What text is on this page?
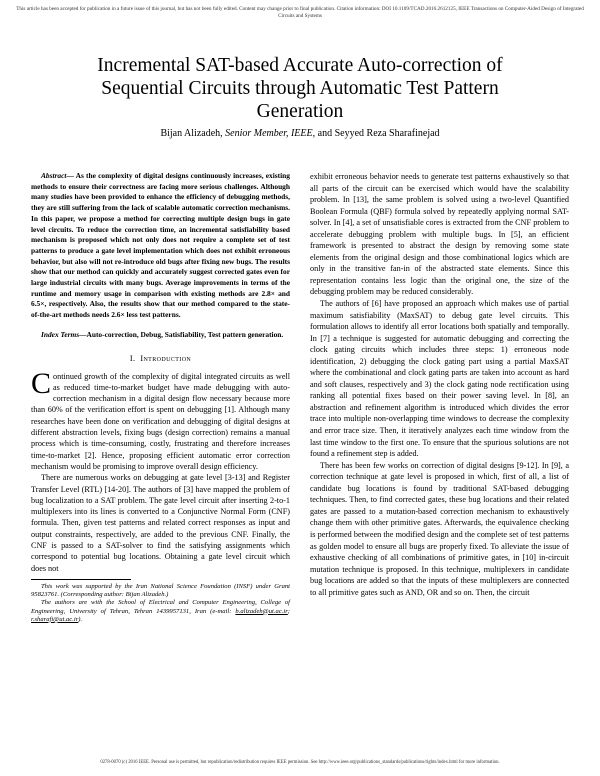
This article has been accepted for publication in a future issue of this journal, but has not been fully edited. Content may change prior to final publication. Citation information: DOI 10.1109/TCAD.2016.2612125, IEEE Transactions on Computer-Aided Design of Integrated Circuits and Systems
Incremental SAT-based Accurate Auto-correction of Sequential Circuits through Automatic Test Pattern Generation
Bijan Alizadeh, Senior Member, IEEE, and Seyyed Reza Sharafinejad

Abstract— As the complexity of digital designs continuously increases, existing methods to ensure their correctness are facing more serious challenges. Although many studies have been provided to enhance the efficiency of debugging methods, they are still suffering from the lack of scalable automatic correction mechanisms. In this paper, we propose a method for correcting multiple design bugs in gate level circuits. To reduce the correction time, an incremental satisfiability based mechanism is proposed which not only does not require a complete set of test patterns to produce a gate level implementation which does not exhibit erroneous behavior, but also will not re-introduce old bugs after fixing new bugs. The results show that our method can quickly and accurately suggest corrected gates even for large industrial circuits with many bugs. Average improvements in terms of the runtime and memory usage in comparison with existing methods are 2.8× and 6.5×, respectively. Also, the results show that our method compared to the state-of-the-art methods needs 2.6× less test patterns.

Index Terms—Auto-correction, Debug, Satisfiability, Test pattern generation.

I. Introduction

Continued growth of the complexity of digital integrated circuits as well as reduced time-to-market budget have made debugging with auto-correction mechanism in a digital design flow necessary because more than 60% of the verification effort is spent on debugging [1]. Although many researches have been done on verification and debugging of digital designs at different abstraction levels, fixing bugs (design correction) remains a manual process which is time-consuming, costly, frustrating and therefore increases time-to-market [2]. Hence, proposing efficient automatic error correction mechanism would be promising to improve overall design efficiency.

There are numerous works on debugging at gate level [3-13] and Register Transfer Level (RTL) [14-20]. The authors of [3] have mapped the problem of bug localization to a SAT problem. The gate level circuit after inserting 2-to-1 multiplexers into its lines is converted to a Conjunctive Normal Form (CNF) formula. Then, given test patterns and related correct responses as input and output constraints, respectively, are added to the previous CNF. Finally, the CNF is passed to a SAT-solver to find the satisfying assignments which correspond to potential bug locations. Obtaining a gate level circuit which does not

This work was supported by the Iran National Science Foundation (INSF) under Grant 95823761. (Corresponding author: Bijan Alizadeh.)

The authors are with the School of Electrical and Computer Engineering, College of Engineering, University of Tehran, Tehran 1439957131, Iran (e-mail: b.alizadeh@ut.ac.ir; r.sharafi@ut.ac.ir).

exhibit erroneous behavior needs to generate test patterns exhaustively so that all parts of the circuit can be exercised which would have the scalability problem. In [13], the same problem is solved using a two-level Quantified Boolean Formula (QBF) formula solved by repeatedly applying normal SAT-solver. In [4], a set of unsatisfiable cores is extracted from the CNF problem to accelerate debugging problem with multiple bugs. In [5], an efficient framework is presented to abstract the design by removing some state elements from the original design and those combinational logics which are only in the transitive fan-in of the abstracted state elements. Since this representation contains less logic than the original one, the size of the debugging problem may be reduced considerably.

The authors of [6] have proposed an approach which makes use of partial maximum satisfiability (MaxSAT) to debug gate level circuits. This formulation allows to identify all error locations both spatially and temporally. In [7] a technique is suggested for automatic debugging and correcting the clock gating circuits which includes three steps: 1) erroneous node identification, 2) debugging the clock gating part using a partial MaxSAT where the combinational and clock gating parts are taken into account as hard and soft clauses, respectively and 3) the clock gating node rectification using ranking all potential fixes based on their power saving level. In [8], an abstraction and refinement algorithm is introduced which divides the error trace into multiple non-overlapping time windows to decrease the complexity and error trace size. Then, it iteratively analyzes each time window from the last time window to the first one. To ensure that the spurious solutions are not found a refinement step is added.

There has been few works on correction of digital designs [9-12]. In [9], a correction technique at gate level is proposed in which, first of all, a list of candidate bug locations is found by traditional SAT-based debugging techniques. Then, to find corrected gates, these bug locations and their related gates are passed to a mutation-based correction mechanism to exhaustively change them with other primitive gates. Afterwards, the equivalence checking is performed between the modified design and the complete set of test patterns as golden model to ensure all bugs are properly fixed. To alleviate the issue of exhaustive checking of all combinations of primitive gates, in [10] in-circuit mutation technique is proposed. In this technique, multiplexers in candidate bug locations are added so that the inputs of these multiplexers are connected to all primitive gates such as AND, OR and so on. Then, the circuit

0278-0070 (c) 2016 IEEE. Personal use is permitted, but republication/redistribution requires IEEE permission. See http://www.ieee.org/publications_standards/publications/rights/index.html for more information.
